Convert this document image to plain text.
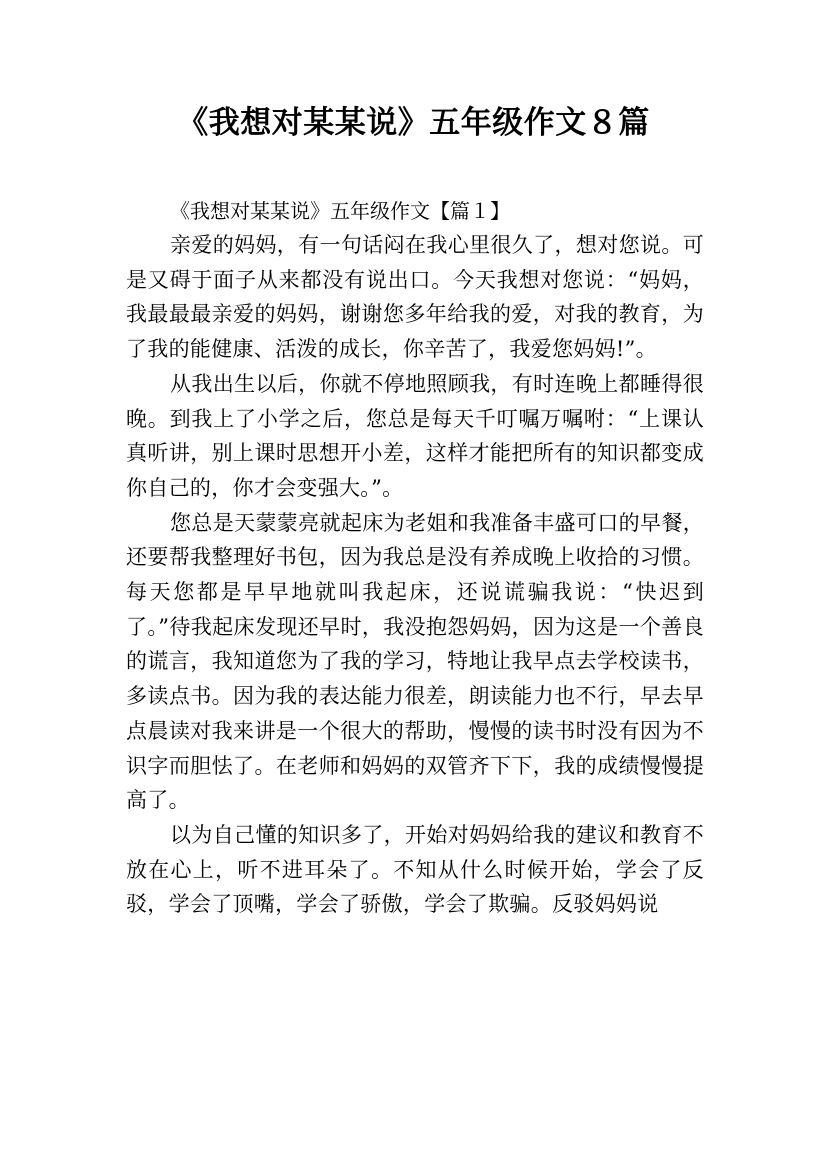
《我想对某某说》五年级作文８篇

《我想对某某说》五年级作文【篇１】

亲爱的妈妈，有一句话闷在我心里很久了，想对您说。可是又碍于面子从来都没有说出口。今天我想对您说：“妈妈，我最最最亲爱的妈妈，谢谢您多年给我的爱，对我的教育，为了我的能健康、活泼的成长，你辛苦了，我爱您妈妈!”。

从我出生以后，你就不停地照顾我，有时连晚上都睡得很晚。到我上了小学之后，您总是每天千叮嘱万嘱咐：“上课认真听讲，别上课时思想开小差，这样才能把所有的知识都变成你自己的，你才会变强大。”。

您总是天蒙蒙亮就起床为老姐和我准备丰盛可口的早餐，还要帮我整理好书包，因为我总是没有养成晚上收拾的习惯。每天您都是早早地就叫我起床，还说谎骗我说：“快迟到了。”待我起床发现还早时，我没抱怨妈妈，因为这是一个善良的谎言，我知道您为了我的学习，特地让我早点去学校读书，多读点书。因为我的表达能力很差，朗读能力也不行，早去早点晨读对我来讲是一个很大的帮助，慢慢的读书时没有因为不识字而胆怯了。在老师和妈妈的双管齐下下，我的成绩慢慢提高了。

以为自己懂的知识多了，开始对妈妈给我的建议和教育不放在心上，听不进耳朵了。不知从什么时候开始，学会了反驳，学会了顶嘴，学会了骄傲，学会了欺骗。反驳妈妈说
